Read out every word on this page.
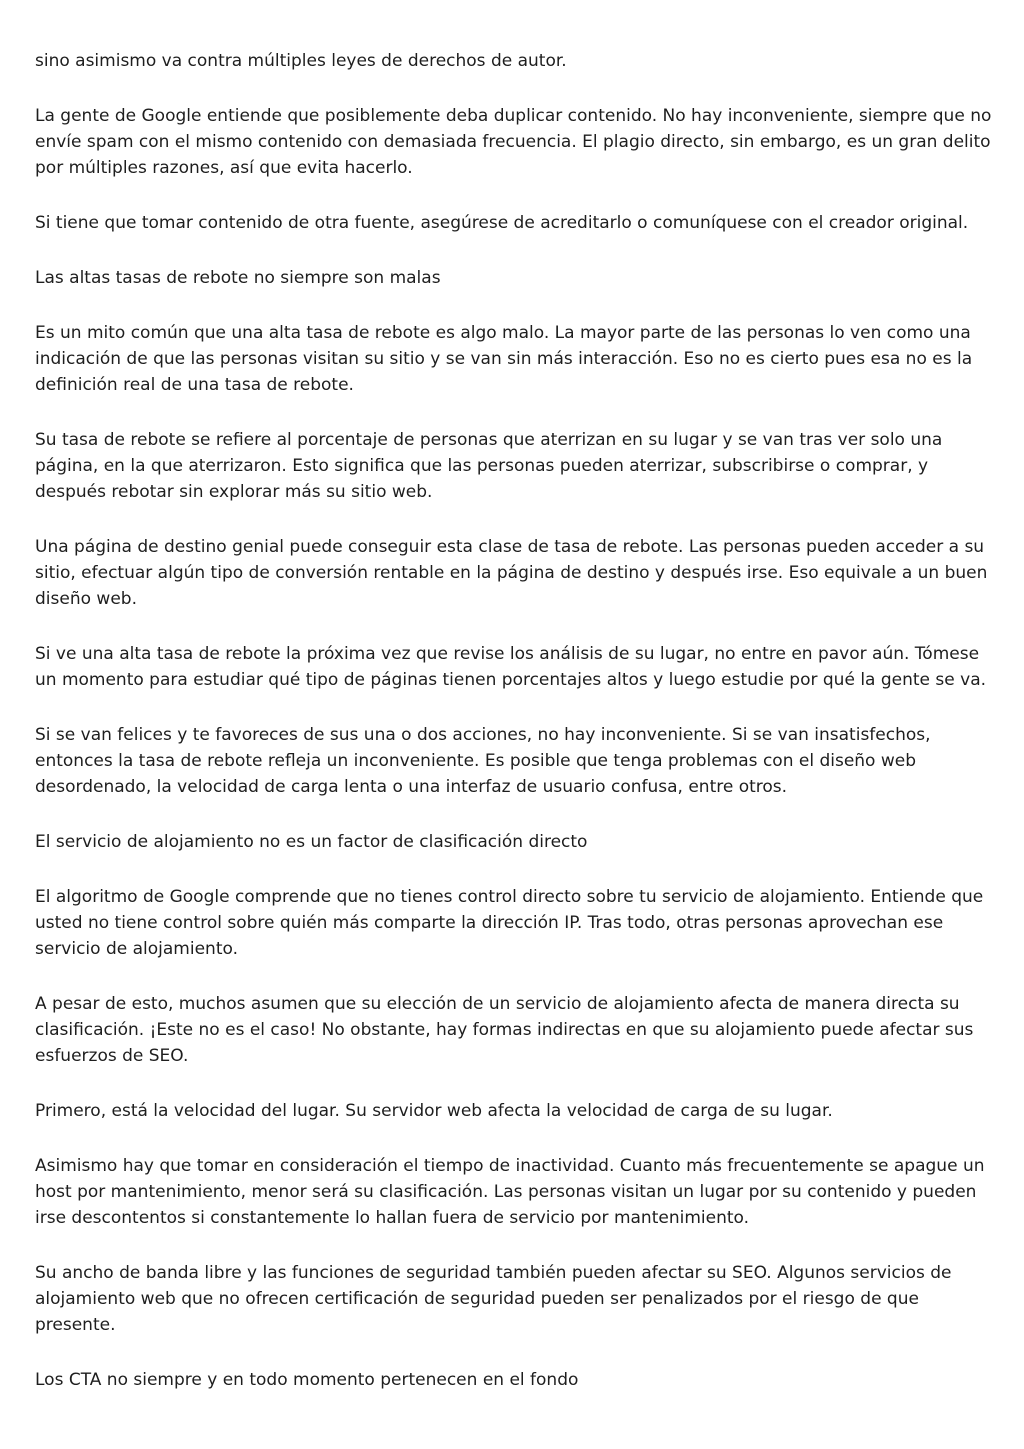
sino asimismo va contra múltiples leyes de derechos de autor.

La gente de Google entiende que posiblemente deba duplicar contenido. No hay inconveniente, siempre que no envíe spam con el mismo contenido con demasiada frecuencia. El plagio directo, sin embargo, es un gran delito por múltiples razones, así que evita hacerlo.

Si tiene que tomar contenido de otra fuente, asegúrese de acreditarlo o comuníquese con el creador original.

Las altas tasas de rebote no siempre son malas

Es un mito común que una alta tasa de rebote es algo malo. La mayor parte de las personas lo ven como una indicación de que las personas visitan su sitio y se van sin más interacción. Eso no es cierto pues esa no es la definición real de una tasa de rebote.

Su tasa de rebote se refiere al porcentaje de personas que aterrizan en su lugar y se van tras ver solo una página, en la que aterrizaron. Esto significa que las personas pueden aterrizar, subscribirse o comprar, y después rebotar sin explorar más su sitio web.

Una página de destino genial puede conseguir esta clase de tasa de rebote. Las personas pueden acceder a su sitio, efectuar algún tipo de conversión rentable en la página de destino y después irse. Eso equivale a un buen diseño web.

Si ve una alta tasa de rebote la próxima vez que revise los análisis de su lugar, no entre en pavor aún. Tómese un momento para estudiar qué tipo de páginas tienen porcentajes altos y luego estudie por qué la gente se va.

Si se van felices y te favoreces de sus una o dos acciones, no hay inconveniente. Si se van insatisfechos, entonces la tasa de rebote refleja un inconveniente. Es posible que tenga problemas con el diseño web desordenado, la velocidad de carga lenta o una interfaz de usuario confusa, entre otros.

El servicio de alojamiento no es un factor de clasificación directo

El algoritmo de Google comprende que no tienes control directo sobre tu servicio de alojamiento. Entiende que usted no tiene control sobre quién más comparte la dirección IP. Tras todo, otras personas aprovechan ese servicio de alojamiento.

A pesar de esto, muchos asumen que su elección de un servicio de alojamiento afecta de manera directa su clasificación. ¡Este no es el caso! No obstante, hay formas indirectas en que su alojamiento puede afectar sus esfuerzos de SEO.

Primero, está la velocidad del lugar. Su servidor web afecta la velocidad de carga de su lugar.

Asimismo hay que tomar en consideración el tiempo de inactividad. Cuanto más frecuentemente se apague un host por mantenimiento, menor será su clasificación. Las personas visitan un lugar por su contenido y pueden irse descontentos si constantemente lo hallan fuera de servicio por mantenimiento.

Su ancho de banda libre y las funciones de seguridad también pueden afectar su SEO. Algunos servicios de alojamiento web que no ofrecen certificación de seguridad pueden ser penalizados por el riesgo de que presente.

Los CTA no siempre y en todo momento pertenecen en el fondo
